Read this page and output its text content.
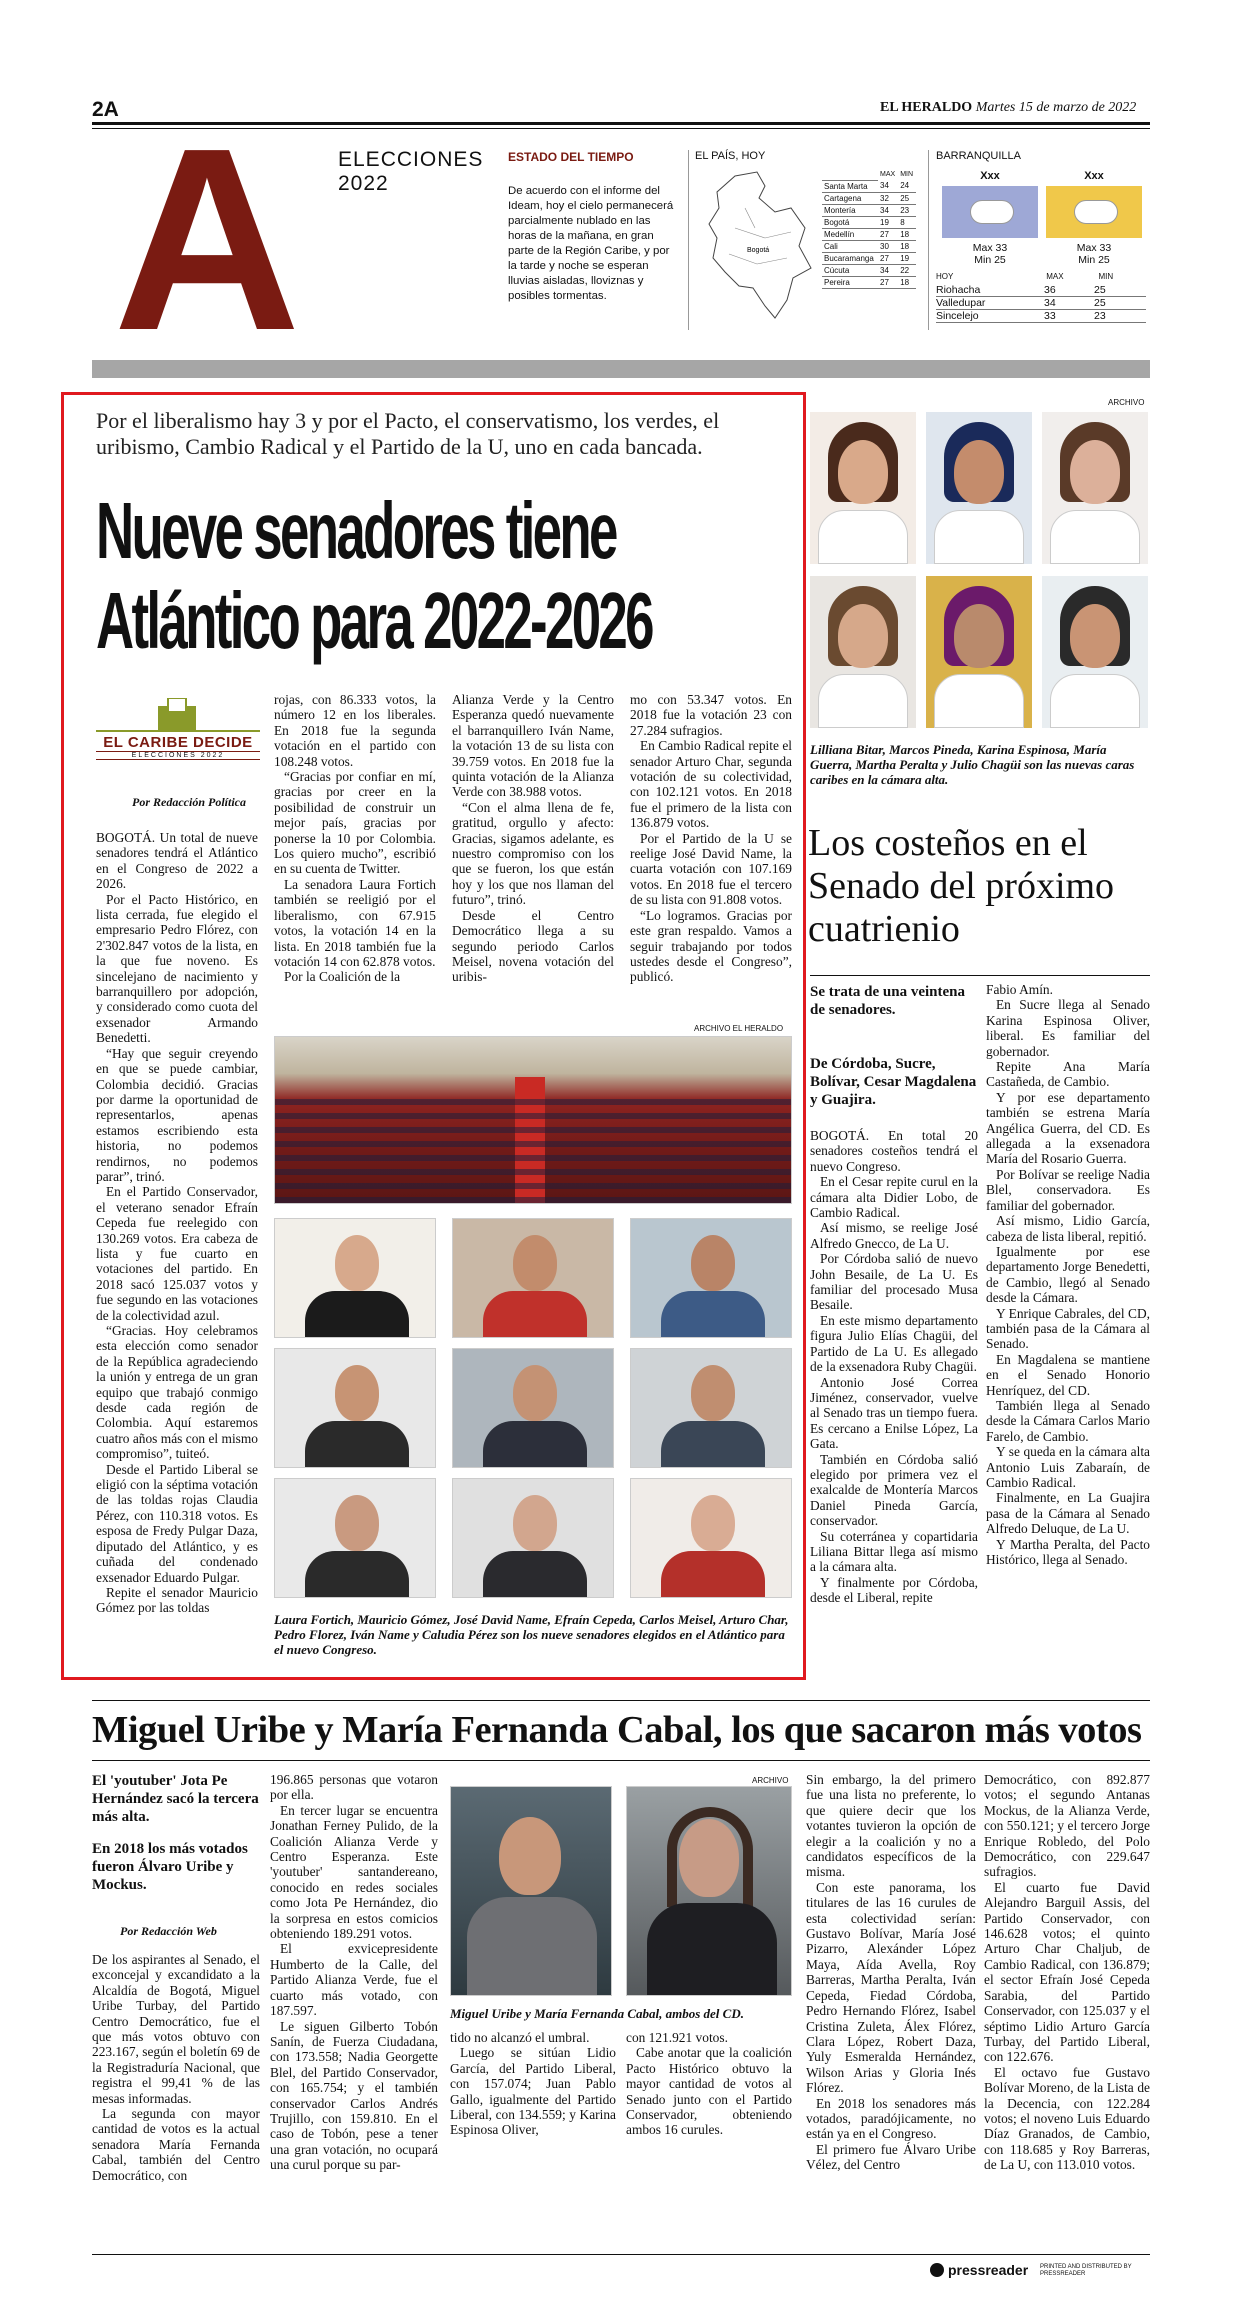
2A	EL HERALDO Martes 15 de marzo de 2022
A	ELECCIONES
2022
ESTADO DEL TIEMPO
De acuerdo con el informe del Ideam, hoy el cielo permanecerá parcialmente nublado en las horas de la mañana, en gran parte de la Región Caribe, y por la tarde y noche se esperan lluvias aisladas, lloviznas y posibles tormentas.
EL PAÍS, HOY
Bogotá
	MAX	MIN
Santa Marta	34	24
Cartagena	32	25
Montería	34	23
Bogotá	19	8
Medellín	27	18
Cali	30	18
Bucaramanga	27	19
Cúcuta	34	22
Pereira	27	18
BARRANQUILLA
Xxx
Max 33
Min 25
Xxx
Max 33
Min 25
HOY	MAX	MIN
Riohacha	36	25
Valledupar	34	25
Sincelejo	33	23
Por el liberalismo hay 3 y por el Pacto, el conservatismo, los verdes, el uribismo, Cambio Radical y el Partido de la U, uno en cada bancada.
Nueve senadores tiene
Atlántico para 2022-2026
EL CARIBE DECIDE
ELECCIONES 2022
Por Redacción Política

BOGOTÁ. Un total de nueve senadores tendrá el Atlántico en el Congreso de 2022 a 2026.

Por el Pacto Histórico, en lista cerrada, fue elegido el empresario Pedro Flórez, con 2'302.847 votos de la lista, en la que fue noveno. Es sincelejano de nacimiento y barranquillero por adopción, y considerado como cuota del exsenador Armando Benedetti.

“Hay que seguir creyendo en que se puede cambiar, Colombia decidió. Gracias por darme la oportunidad de representarlos, apenas estamos escribiendo esta historia, no podemos rendirnos, no podemos parar”, trinó.

En el Partido Conservador, el veterano senador Efraín Cepeda fue reelegido con 130.269 votos. Era cabeza de lista y fue cuarto en votaciones del partido. En 2018 sacó 125.037 votos y fue segundo en las votaciones de la colectividad azul.

“Gracias. Hoy celebramos esta elección como senador de la República agradeciendo la unión y entrega de un gran equipo que trabajó conmigo desde cada región de Colombia. Aquí estaremos cuatro años más con el mismo compromiso”, tuiteó.

Desde el Partido Liberal se eligió con la séptima votación de las toldas rojas Claudia Pérez, con 110.318 votos. Es esposa de Fredy Pulgar Daza, diputado del Atlántico, y es cuñada del condenado exsenador Eduardo Pulgar.

Repite el senador Mauricio Gómez por las toldas

rojas, con 86.333 votos, la número 12 en los liberales. En 2018 fue la segunda votación en el partido con 108.248 votos.

“Gracias por confiar en mí, gracias por creer en la posibilidad de construir un mejor país, gracias por ponerse la 10 por Colombia. Los quiero mucho”, escribió en su cuenta de Twitter.

La senadora Laura Fortich también se reeligió por el liberalismo, con 67.915 votos, la votación 14 en la lista. En 2018 también fue la votación 14 con 62.878 votos.

Por la Coalición de la

Alianza Verde y la Centro Esperanza quedó nuevamente el barranquillero Iván Name, la votación 13 de su lista con 39.759 votos. En 2018 fue la quinta votación de la Alianza Verde con 38.988 votos.

“Con el alma llena de fe, gratitud, orgullo y afecto: Gracias, sigamos adelante, es nuestro compromiso con los que se fueron, los que están hoy y los que nos llaman del futuro”, trinó.

Desde el Centro Democrático llega a su segundo periodo Carlos Meisel, novena votación del uribis-

mo con 53.347 votos. En 2018 fue la votación 23 con 27.284 sufragios.

En Cambio Radical repite el senador Arturo Char, segunda votación de su colectividad, con 102.121 votos. En 2018 fue el primero de la lista con 136.879 votos.

Por el Partido de la U se reelige José David Name, la cuarta votación con 107.169 votos. En 2018 fue el tercero de su lista con 91.808 votos.

“Lo logramos. Gracias por este gran respaldo. Vamos a seguir trabajando por todos ustedes desde el Congreso”, publicó.

ARCHIVO EL HERALDO
Laura Fortich, Mauricio Gómez, José David Name, Efraín Cepeda, Carlos Meisel, Arturo Char, Pedro Florez, Iván Name y Caludia Pérez son los nueve senadores elegidos en el Atlántico para el nuevo Congreso.
ARCHIVO
Lilliana Bitar, Marcos Pineda, Karina Espinosa, María Guerra, Martha Peralta y Julio Chagüi son las nuevas caras caribes en la cámara alta.
Los costeños en el Senado del próximo cuatrienio
Se trata de una veintena de senadores.
De Córdoba, Sucre, Bolívar, Cesar Magdalena y Guajira.

BOGOTÁ. En total 20 senadores costeños tendrá el nuevo Congreso.

En el Cesar repite curul en la cámara alta Didier Lobo, de Cambio Radical.

Así mismo, se reelige José Alfredo Gnecco, de La U.

Por Córdoba salió de nuevo John Besaile, de La U. Es familiar del procesado Musa Besaile.

En este mismo departamento figura Julio Elías Chagüi, del Partido de La U. Es allegado de la exsenadora Ruby Chagüi.

Antonio José Correa Jiménez, conservador, vuelve al Senado tras un tiempo fuera. Es cercano a Enilse López, La Gata.

También en Córdoba salió elegido por primera vez el exalcalde de Montería Marcos Daniel Pineda García, conservador.

Su coterránea y copartidaria Liliana Bittar llega así mismo a la cámara alta.

Y finalmente por Córdoba, desde el Liberal, repite

Fabio Amín.

En Sucre llega al Senado Karina Espinosa Oliver, liberal. Es familiar del gobernador.

Repite Ana María Castañeda, de Cambio.

Y por ese departamento también se estrena María Angélica Guerra, del CD. Es allegada a la exsenadora María del Rosario Guerra.

Por Bolívar se reelige Nadia Blel, conservadora. Es familiar del gobernador.

Así mismo, Lidio García, cabeza de lista liberal, repitió.

Igualmente por ese departamento Jorge Benedetti, de Cambio, llegó al Senado desde la Cámara.

Y Enrique Cabrales, del CD, también pasa de la Cámara al Senado.

En Magdalena se mantiene en el Senado Honorio Henríquez, del CD.

También llega al Senado desde la Cámara Carlos Mario Farelo, de Cambio.

Y se queda en la cámara alta Antonio Luis Zabaraín, de Cambio Radical.

Finalmente, en La Guajira pasa de la Cámara al Senado Alfredo Deluque, de La U.

Y Martha Peralta, del Pacto Histórico, llega al Senado.

Miguel Uribe y María Fernanda Cabal, los que sacaron más votos
El 'youtuber' Jota Pe Hernández sacó la tercera más alta.
En 2018 los más votados fueron Álvaro Uribe y Mockus.
Por Redacción Web

De los aspirantes al Senado, el exconcejal y excandidato a la Alcaldía de Bogotá, Miguel Uribe Turbay, del Partido Centro Democrático, fue el que más votos obtuvo con 223.167, según el boletín 69 de la Registraduría Nacional, que registra el 99,41 % de las mesas informadas.

La segunda con mayor cantidad de votos es la actual senadora María Fernanda Cabal, también del Centro Democrático, con

196.865 personas que votaron por ella.

En tercer lugar se encuentra Jonathan Ferney Pulido, de la Coalición Alianza Verde y Centro Esperanza. Este 'youtuber' santandereano, conocido en redes sociales como Jota Pe Hernández, dio la sorpresa en estos comicios obteniendo 189.291 votos.

El exvicepresidente Humberto de la Calle, del Partido Alianza Verde, fue el cuarto más votado, con 187.597.

Le siguen Gilberto Tobón Sanín, de Fuerza Ciudadana, con 173.558; Nadia Georgette Blel, del Partido Conservador, con 165.754; y el también conservador Carlos Andrés Trujillo, con 159.810. En el caso de Tobón, pese a tener una gran votación, no ocupará una curul porque su par-

ARCHIVO
Miguel Uribe y María Fernanda Cabal, ambos del CD.

tido no alcanzó el umbral.

Luego se sitúan Lidio García, del Partido Liberal, con 157.074; Juan Pablo Gallo, igualmente del Partido Liberal, con 134.559; y Karina Espinosa Oliver,

con 121.921 votos.

Cabe anotar que la coalición Pacto Histórico obtuvo la mayor cantidad de votos al Senado junto con el Partido Conservador, obteniendo ambos 16 curules.

Sin embargo, la del primero fue una lista no preferente, lo que quiere decir que los votantes tuvieron la opción de elegir a la coalición y no a candidatos específicos de la misma.

Con este panorama, los titulares de las 16 curules de esta colectividad serían: Gustavo Bolívar, María José Pizarro, Alexánder López Maya, Aída Avella, Roy Barreras, Martha Peralta, Iván Cepeda, Fiedad Córdoba, Pedro Hernando Flórez, Isabel Cristina Zuleta, Álex Flórez, Clara López, Robert Daza, Yuly Esmeralda Hernández, Wilson Arias y Gloria Inés Flórez.

En 2018 los senadores más votados, paradójicamente, no están ya en el Congreso.

El primero fue Álvaro Uribe Vélez, del Centro

Democrático, con 892.877 votos; el segundo Antanas Mockus, de la Alianza Verde, con 550.121; y el tercero Jorge Enrique Robledo, del Polo Democrático, con 229.647 sufragios.

El cuarto fue David Alejandro Barguil Assis, del Partido Conservador, con 146.628 votos; el quinto Arturo Char Chaljub, de Cambio Radical, con 136.879; el sector Efraín José Cepeda Sarabia, del Partido Conservador, con 125.037 y el séptimo Lidio Arturo García Turbay, del Partido Liberal, con 122.676.

El octavo fue Gustavo Bolívar Moreno, de la Lista de la Decencia, con 122.284 votos; el noveno Luis Eduardo Díaz Granados, de Cambio, con 118.685 y Roy Barreras, de La U, con 113.010 votos.

pressreader PRINTED AND DISTRIBUTED BY PRESSREADER
